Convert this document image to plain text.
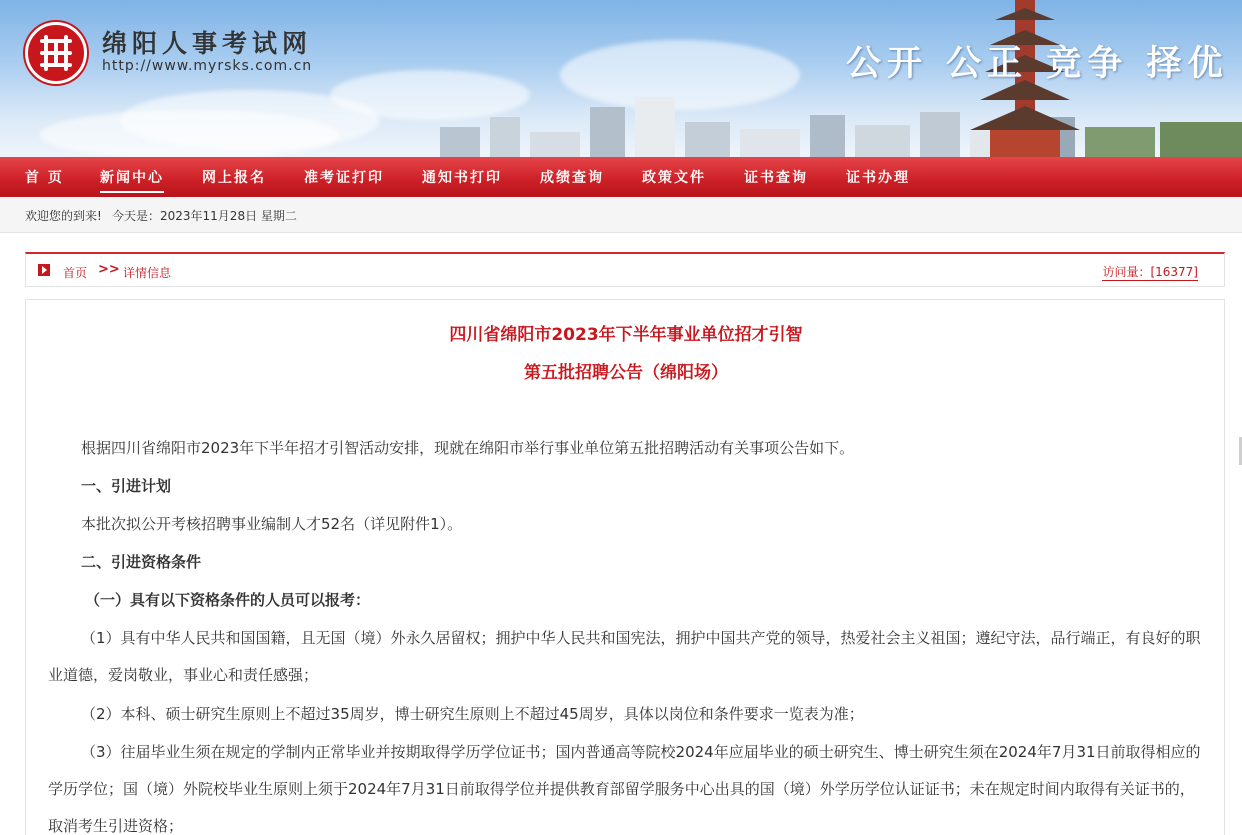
绵阳人事考试网
http://www.myrsks.com.cn	公开 公正 竞争 择优
首 页	新闻中心	网上报名	准考证打印	通知书打印	成绩查询	政策文件	证书查询	证书办理
欢迎您的到来! 今天是：2023年11月28日 星期二
首页 >> 详情信息	访问量：[16377]
四川省绵阳市2023年下半年事业单位招才引智
第五批招聘公告（绵阳场）
根据四川省绵阳市2023年下半年招才引智活动安排，现就在绵阳市举行事业单位第五批招聘活动有关事项公告如下。
一、引进计划
本批次拟公开考核招聘事业编制人才52名（详见附件1）。
二、引进资格条件
（一）具有以下资格条件的人员可以报考：
（1）具有中华人民共和国国籍，且无国（境）外永久居留权；拥护中华人民共和国宪法，拥护中国共产党的领导，热爱社会主义祖国；遵纪守法，品行端正，有良好的职业道德，爱岗敬业，事业心和责任感强；
（2）本科、硕士研究生原则上不超过35周岁，博士研究生原则上不超过45周岁，具体以岗位和条件要求一览表为准；
（3）往届毕业生须在规定的学制内正常毕业并按期取得学历学位证书；国内普通高等院校2024年应届毕业的硕士研究生、博士研究生须在2024年7月31日前取得相应的学历学位；国（境）外院校毕业生原则上须于2024年7月31日前取得学位并提供教育部留学服务中心出具的国（境）外学历学位认证证书；未在规定时间内取得有关证书的，取消考生引进资格；
